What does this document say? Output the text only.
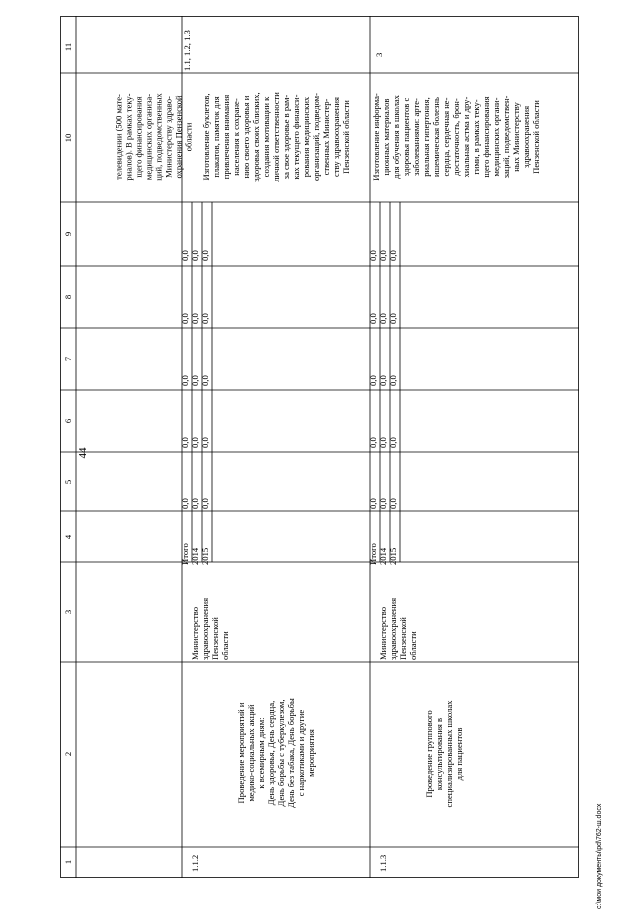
44
1
2
3
4
5
6
7
8
9
10
11
телевидении (500 мате- риалов). В рамках теку- щего финансирования медицинских организа- ций, подведомственных Министерству здраво- охранения Пензенской области
1.1.2
Проведение мероприятий и медико-социальных акций к всемирным дням: День здоровья, День сердца, День борьбы с туберкулезом, День без табака, День борьбы с наркотиками и другие мероприятия
Министерство здравоохранения Пензенской области
Итого 2014 2015
0,0 0,0 0,0
0,0 0,0 0,0
0,0 0,0 0,0
0,0 0,0 0,0
0,0 0,0 0,0
Изготовление буклетов, плакатов, памяток для привлечения внимания населения к сохране- нию своего здоровья и здоровья своих близких, создания мотивации к личной ответственности за свое здоровье в рам- ках текущего финанси- рования медицинских организаций, подведом- ственных Министер- ству здравоохранения Пензенской области
1.1, 1.2, 1.3
1.1.3
Проведение группового консультирования в специализированных школах для пациентов
Министерство здравоохранения Пензенской области
Итого 2014 2015
0,0 0,0 0,0
0,0 0,0 0,0
0,0 0,0 0,0
0,0 0,0 0,0
0,0 0,0 0,0
Изготовление информа- ционных материалов для обучения в школах здоровья пациентов с заболеваниями: арте- риальная гипертония, ишемическая болезнь сердца, сердечная не- достаточность, брон- хиальная астма и дру- гими, в рамках теку- щего финансирования медицинских органи- заций, подведомствен- ных Министерству здравоохранения Пензенской области
3
c:\мои документы\pd\762-ш.docx
